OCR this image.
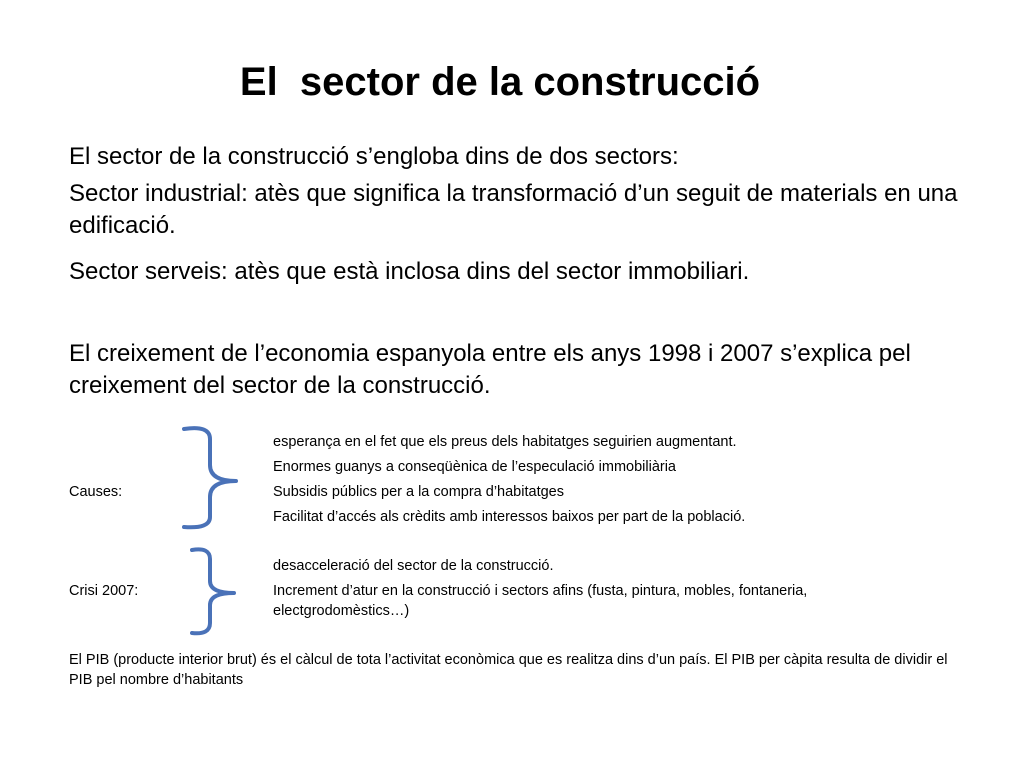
El  sector de la construcció

El sector de la construcció s’engloba dins de dos sectors:

Sector industrial: atès que significa la transformació d’un seguit de materials en una edificació.

Sector serveis: atès que està inclosa dins del sector immobiliari.

El creixement de l’economia espanyola entre els anys 1998 i 2007 s’explica pel creixement del sector de la construcció.

esperança en el fet que els preus dels habitatges seguirien augmentant.

Enormes guanys a conseqüènica de l’especulació immobiliària

Causes:	Subsidis públics per a la compra d’habitatges

Facilitat d’accés als crèdits amb interessos baixos per part de la població.

desacceleració del sector de la construcció.

Crisi 2007:	Increment d’atur en la construcció i sectors afins (fusta, pintura, mobles, fontaneria, electgrodomèstics…)

El PIB (producte interior brut) és el càlcul de tota l’activitat econòmica que es realitza dins d’un país. El PIB per càpita resulta de dividir el PIB pel nombre d’habitants
